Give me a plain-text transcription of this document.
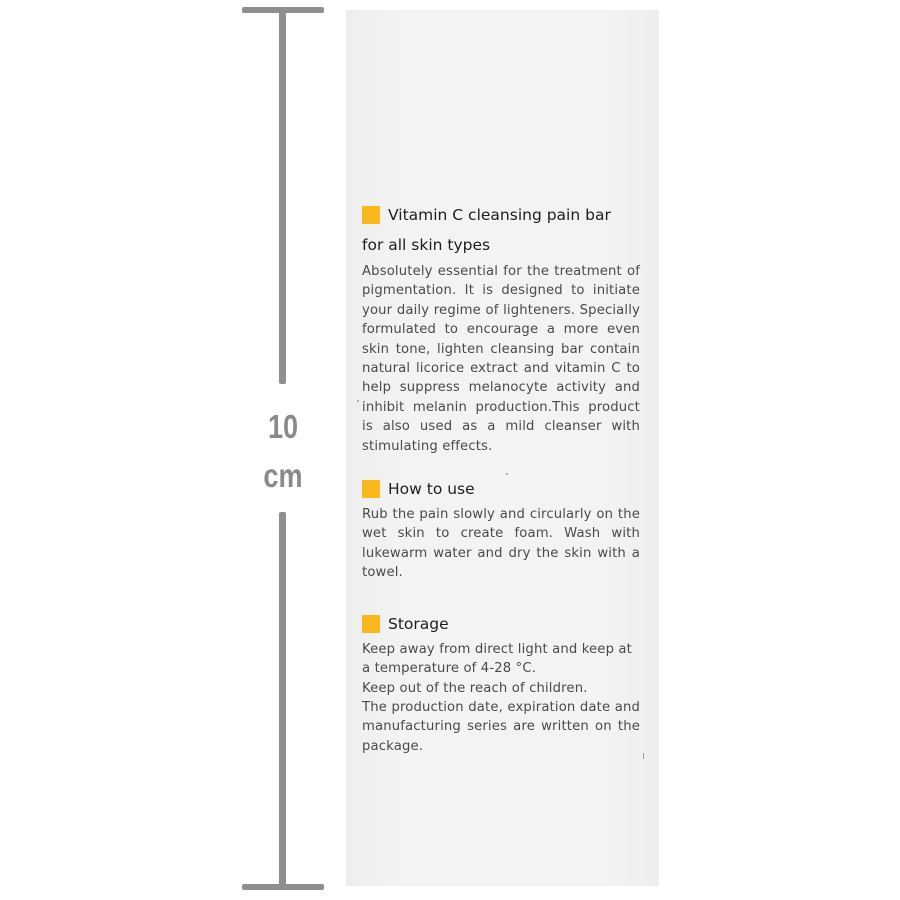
10
cm

Vitamin C cleansing pain bar

for all skin types

Absolutely essential for the treatment of pigmentation. It is designed to initiate your daily regime of lighteners. Specially formulated to encourage a more even skin tone, lighten cleansing bar contain natural licorice extract and vitamin C to help suppress melanocyte activity and inhibit melanin production.This product is also used as a mild cleanser with stimulating effects.

How to use

Rub the pain slowly and circularly on the wet skin to create foam. Wash with lukewarm water and dry the skin with a towel.

Storage

Keep away from direct light and keep at a temperature of 4-28 °C.

Keep out of the reach of children.

The production date, expiration date and manufacturing series are written on the package.
